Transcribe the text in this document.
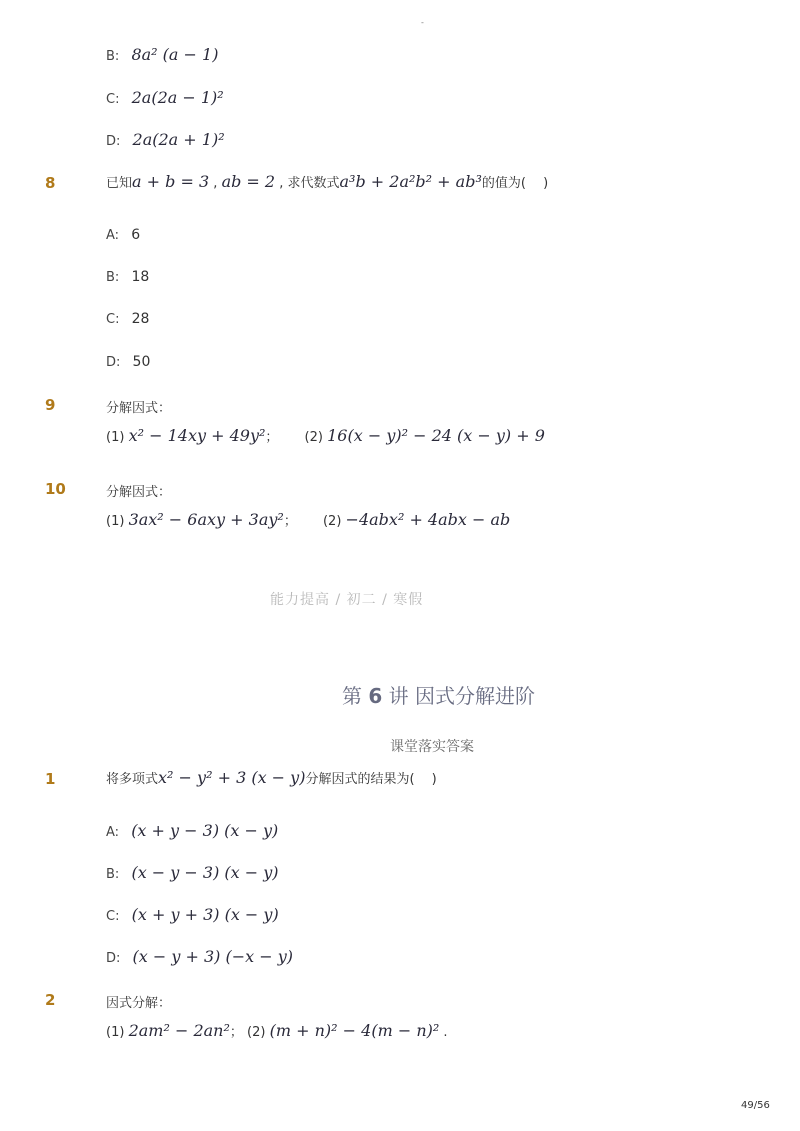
-
B: 8a² (a − 1)
C: 2a(2a − 1)²
D: 2a(2a + 1)²
8	已知a + b = 3 , ab = 2 , 求代数式a³b + 2a²b² + ab³的值为(　 )
A: 6
B: 18
C: 28
D: 50
9	分解因式：
(1) x² − 14xy + 49y²； (2) 16(x − y)² − 24 (x − y) + 9
10	分解因式：
(1) 3ax² − 6axy + 3ay²； (2) −4abx² + 4abx − ab
能力提高 / 初二 / 寒假
第 6 讲 因式分解进阶
课堂落实答案
1	将多项式x² − y² + 3 (x − y)分解因式的结果为(　 )
A: (x + y − 3) (x − y)
B: (x − y − 3) (x − y)
C: (x + y + 3) (x − y)
D: (x − y + 3) (−x − y)
2	因式分解：
(1) 2am² − 2an²； (2) (m + n)² − 4(m − n)² .
49/56
